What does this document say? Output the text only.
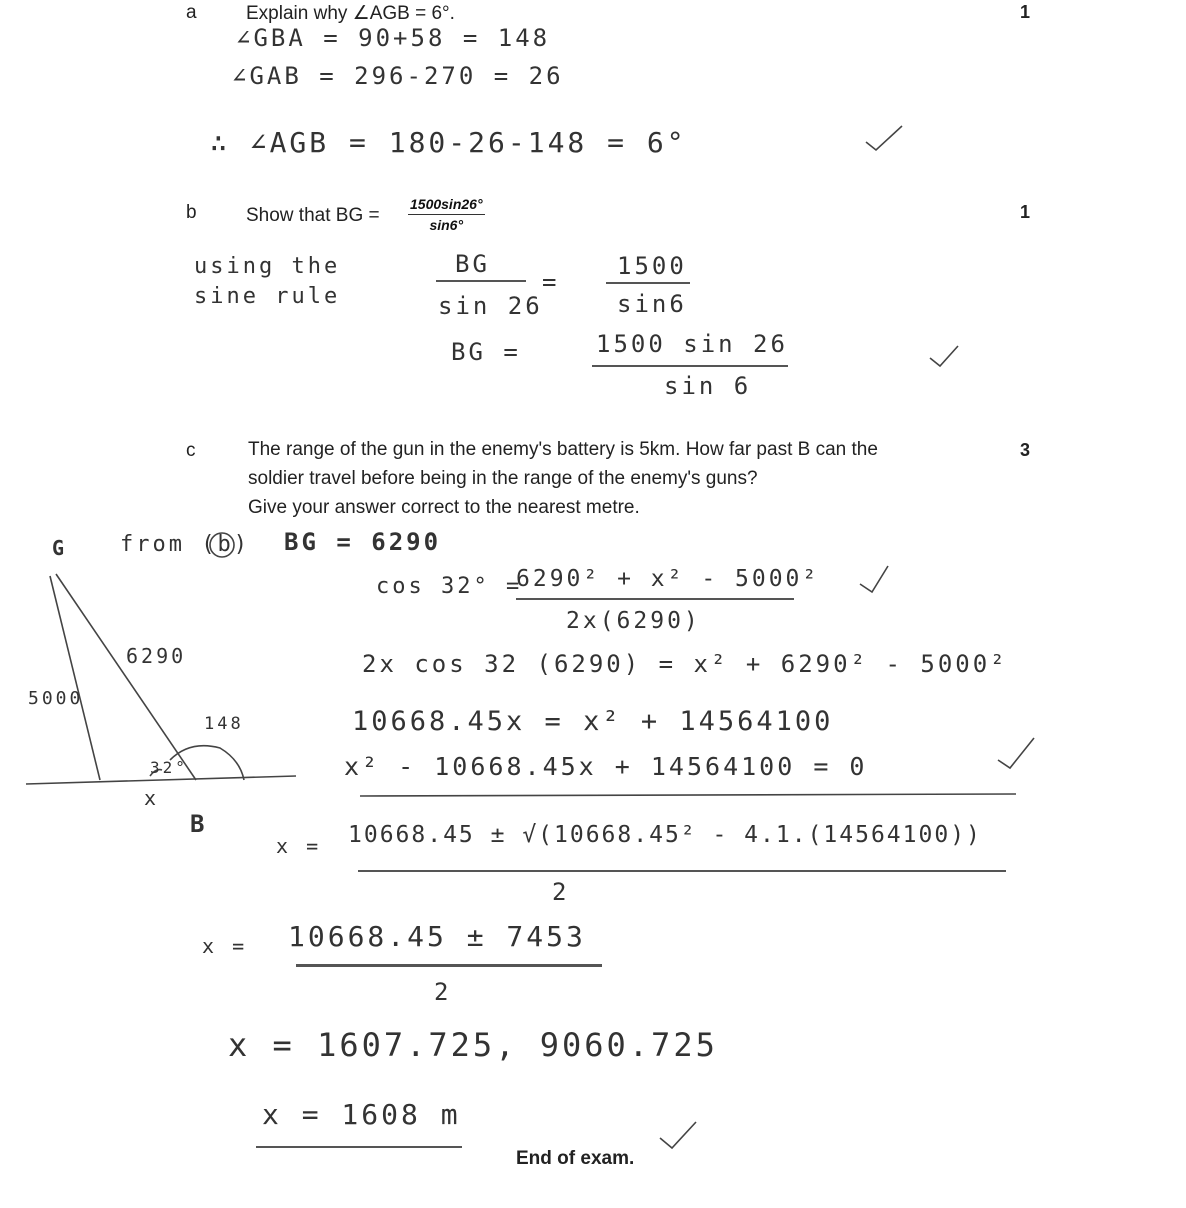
a	Explain why ∠AGB = 6°.	1
∠GBA = 90+58 = 148
∠GAB = 296-270 = 26
∴ ∠AGB = 180-26-148 = 6°
b	Show that BG = $\frac{1500\sin 26^\circ}{\sin 6^\circ}$	1
using the
sine rule
BG
sin 26
=
1500
sin6
BG =	1500 sin 26
sin 6
c	The range of the gun in the enemy's battery is 5km. How far past B can the
soldier travel before being in the range of the enemy's guns?
Give your answer correct to the nearest metre.
3
from (b) BG = 6290
cos 32° =
6290² + x² - 5000²
2x(6290)
2x cos 32 (6290) = x² + 6290² - 5000²
10668.45x = x² + 14564100
x² - 10668.45x + 14564100 = 0
x = 10668.45 ± √(10668.45² - 4.1.(14564100))
2
x = 10668.45 ± 7453
2
x = 1607.725, 9060.725
x = 1608 m
End of exam.
G
5000
6290
148
32°
x
B
